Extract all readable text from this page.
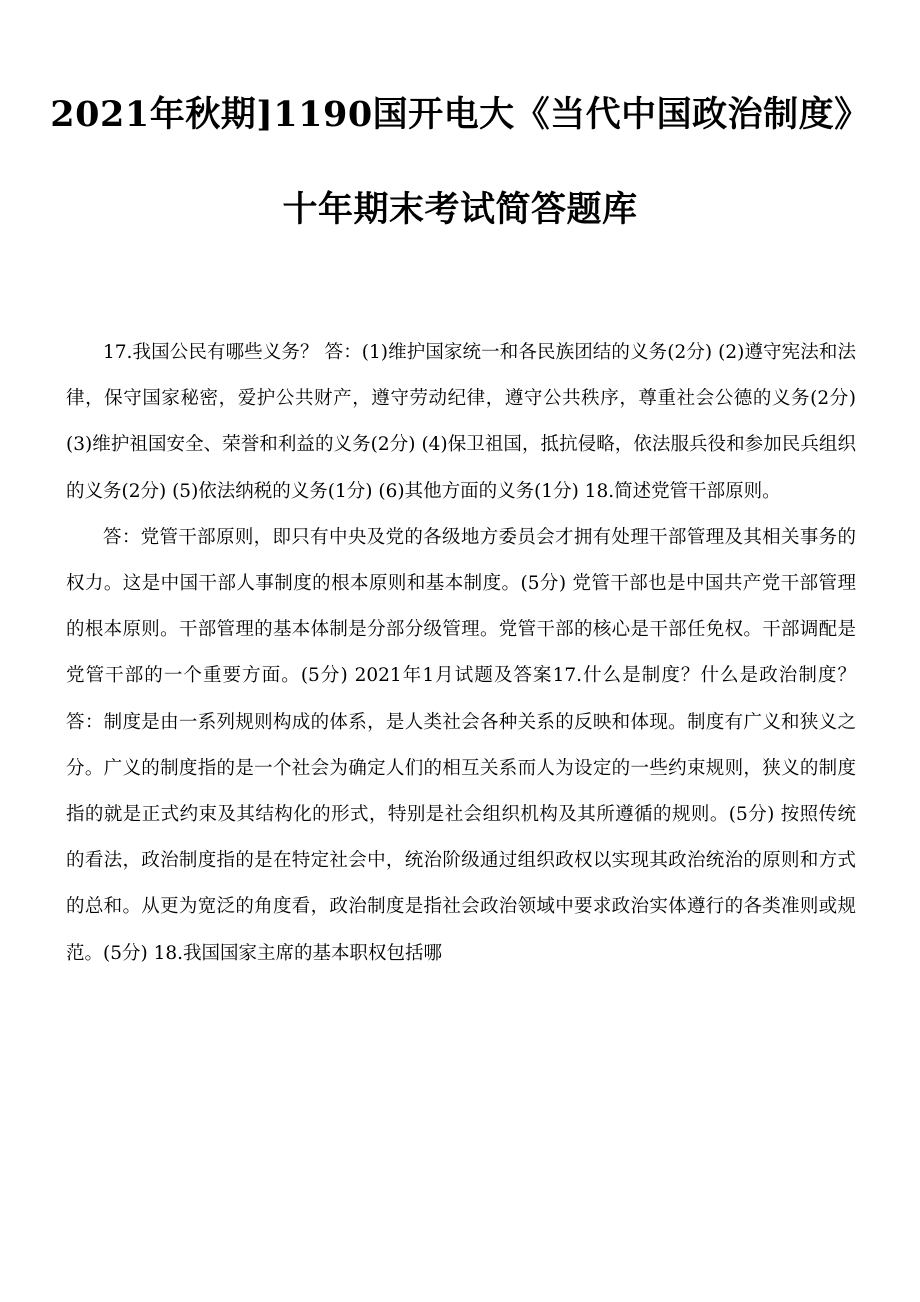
2021年秋期]1190国开电大《当代中国政治制度》
十年期末考试简答题库

17.我国公民有哪些义务？ 答：(1)维护国家统一和各民族团结的义务(2分) (2)遵守宪法和法律，保守国家秘密，爱护公共财产，遵守劳动纪律，遵守公共秩序，尊重社会公德的义务(2分) (3)维护祖国安全、荣誉和利益的义务(2分) (4)保卫祖国，抵抗侵略，依法服兵役和参加民兵组织的义务(2分) (5)依法纳税的义务(1分) (6)其他方面的义务(1分) 18.简述党管干部原则。

答：党管干部原则，即只有中央及党的各级地方委员会才拥有处理干部管理及其相关事务的权力。这是中国干部人事制度的根本原则和基本制度。(5分) 党管干部也是中国共产党干部管理的根本原则。干部管理的基本体制是分部分级管理。党管干部的核心是干部任免权。干部调配是党管干部的一个重要方面。(5分) 2021年1月试题及答案17.什么是制度？什么是政治制度？ 答：制度是由一系列规则构成的体系，是人类社会各种关系的反映和体现。制度有广义和狭义之分。广义的制度指的是一个社会为确定人们的相互关系而人为设定的一些约束规则，狭义的制度指的就是正式约束及其结构化的形式，特别是社会组织机构及其所遵循的规则。(5分) 按照传统的看法，政治制度指的是在特定社会中，统治阶级通过组织政权以实现其政治统治的原则和方式的总和。从更为宽泛的角度看，政治制度是指社会政治领域中要求政治实体遵行的各类准则或规范。(5分) 18.我国国家主席的基本职权包括哪
